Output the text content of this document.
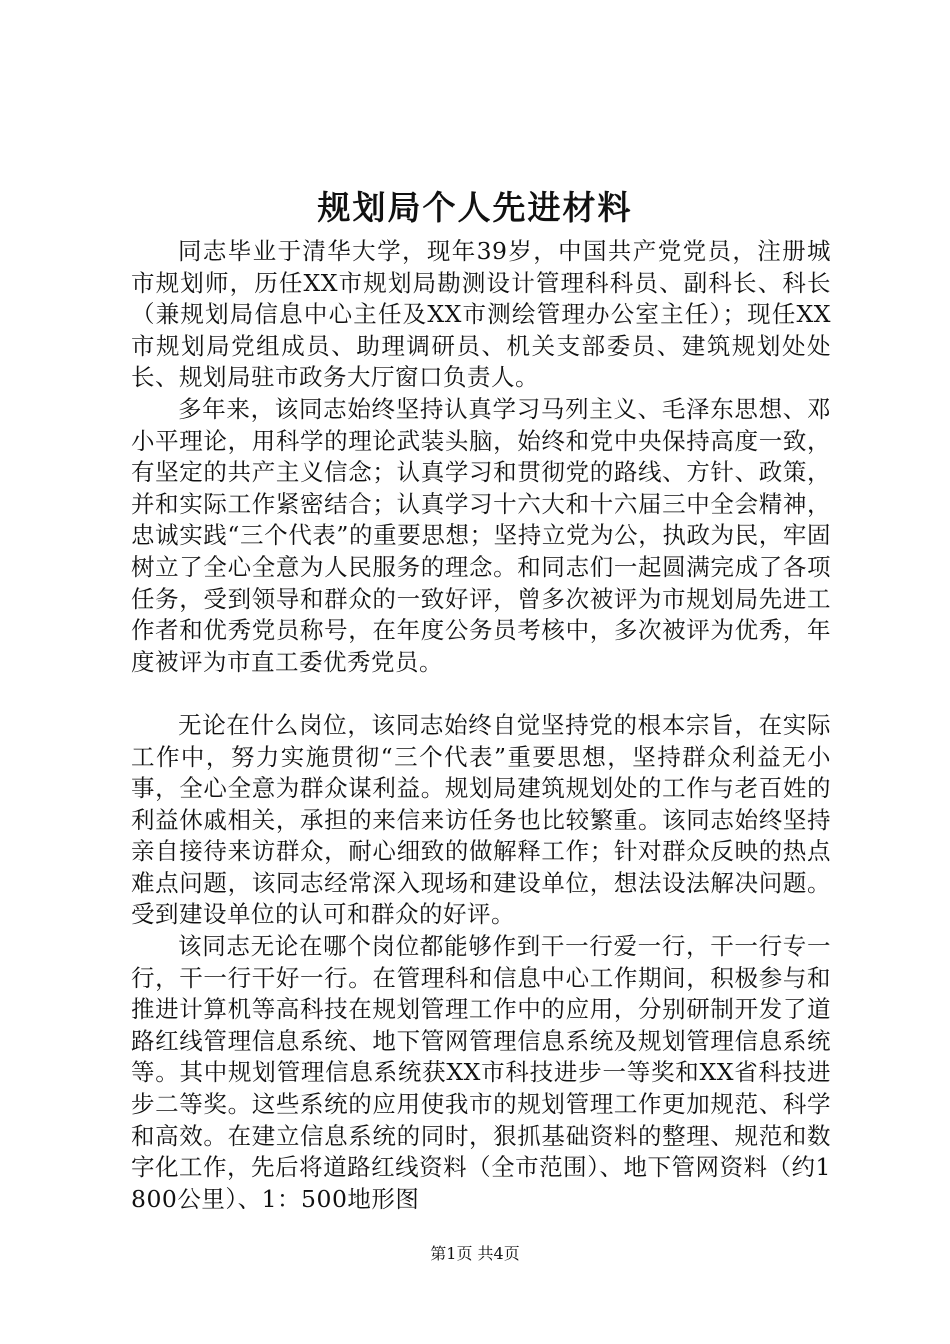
规划局个人先进材料

同志毕业于清华大学，现年39岁，中国共产党党员，注册城市规划师，历任XX市规划局勘测设计管理科科员、副科长、科长（兼规划局信息中心主任及XX市测绘管理办公室主任）；现任XX市规划局党组成员、助理调研员、机关支部委员、建筑规划处处长、规划局驻市政务大厅窗口负责人。

多年来，该同志始终坚持认真学习马列主义、毛泽东思想、邓小平理论，用科学的理论武装头脑，始终和党中央保持高度一致，有坚定的共产主义信念；认真学习和贯彻党的路线、方针、政策，并和实际工作紧密结合；认真学习十六大和十六届三中全会精神，忠诚实践“三个代表”的重要思想；坚持立党为公，执政为民，牢固树立了全心全意为人民服务的理念。和同志们一起圆满完成了各项任务，受到领导和群众的一致好评，曾多次被评为市规划局先进工作者和优秀党员称号，在年度公务员考核中，多次被评为优秀，年度被评为市直工委优秀党员。

无论在什么岗位，该同志始终自觉坚持党的根本宗旨，在实际工作中，努力实施贯彻“三个代表”重要思想，坚持群众利益无小事，全心全意为群众谋利益。规划局建筑规划处的工作与老百姓的利益休戚相关，承担的来信来访任务也比较繁重。该同志始终坚持亲自接待来访群众，耐心细致的做解释工作；针对群众反映的热点难点问题，该同志经常深入现场和建设单位，想法设法解决问题。受到建设单位的认可和群众的好评。

该同志无论在哪个岗位都能够作到干一行爱一行，干一行专一行，干一行干好一行。在管理科和信息中心工作期间，积极参与和推进计算机等高科技在规划管理工作中的应用，分别研制开发了道路红线管理信息系统、地下管网管理信息系统及规划管理信息系统等。其中规划管理信息系统获XX市科技进步一等奖和XX省科技进步二等奖。这些系统的应用使我市的规划管理工作更加规范、科学和高效。在建立信息系统的同时，狠抓基础资料的整理、规范和数字化工作，先后将道路红线资料（全市范围）、地下管网资料（约1800公里）、1：500地形图

第1页 共4页
